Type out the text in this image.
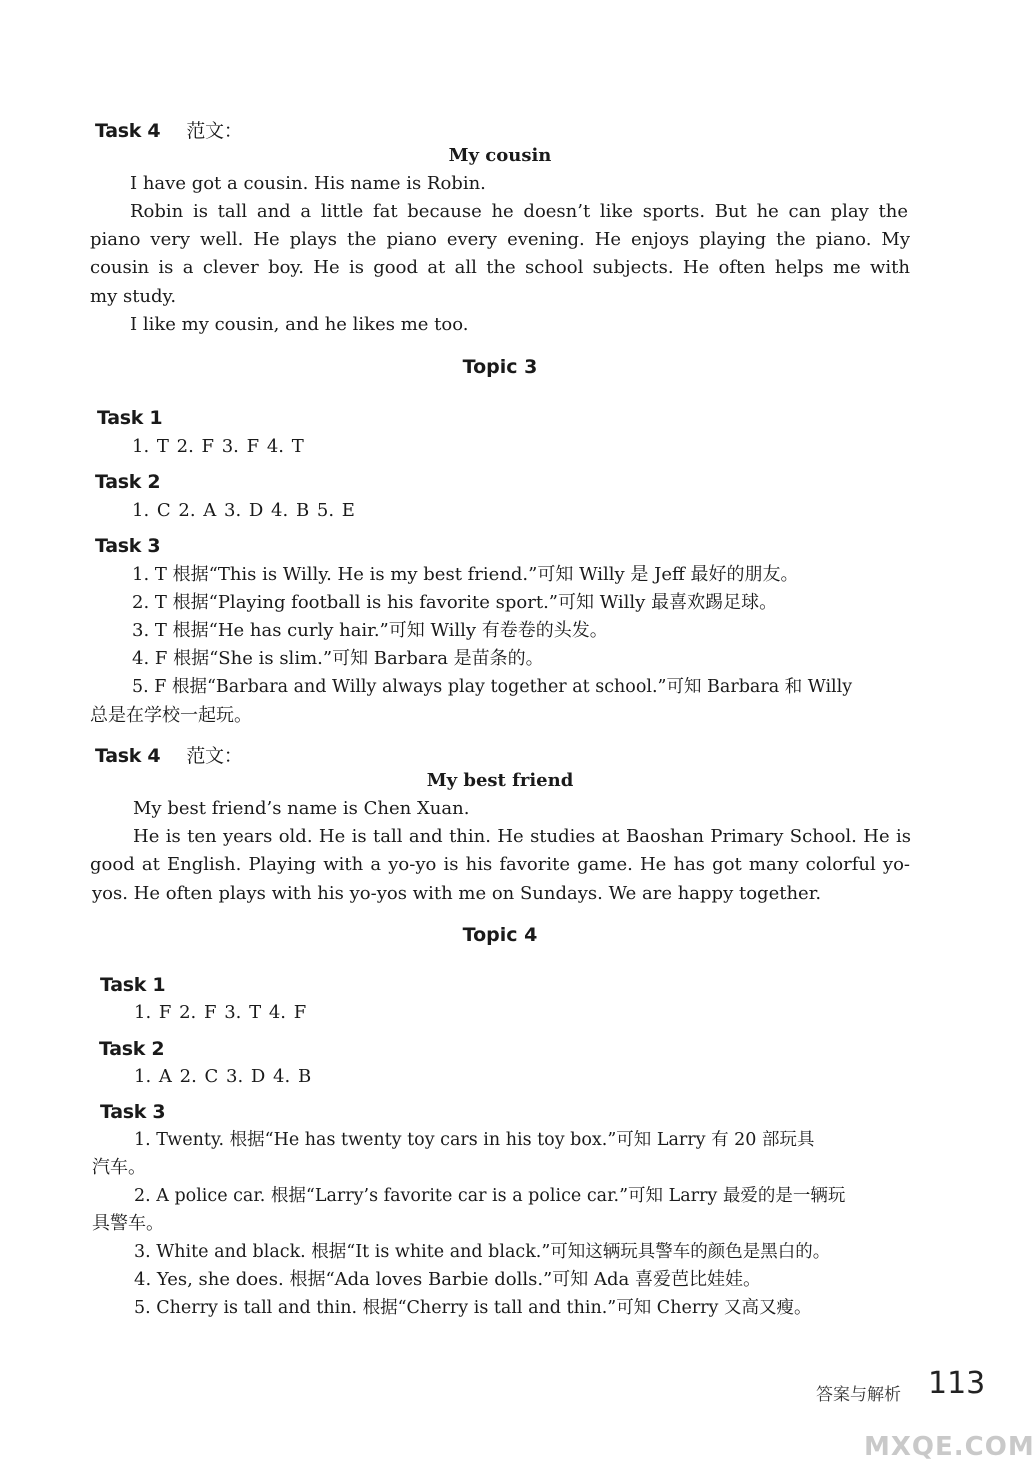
Task 4 范文：
My cousin
I have got a cousin. His name is Robin.
Robin is tall and a little fat because he doesn’t like sports. But he can play the
piano very well. He plays the piano every evening. He enjoys playing the piano. My
cousin is a clever boy. He is good at all the school subjects. He often helps me with
my study.
I like my cousin, and he likes me too.
Topic 3
Task 1
1. T 2. F 3. F 4. T
Task 2
1. C 2. A 3. D 4. B 5. E
Task 3
1. T 根据“This is Willy. He is my best friend.”可知 Willy 是 Jeff 最好的朋友。
2. T 根据“Playing football is his favorite sport.”可知 Willy 最喜欢踢足球。
3. T 根据“He has curly hair.”可知 Willy 有卷卷的头发。
4. F 根据“She is slim.”可知 Barbara 是苗条的。
5. F 根据“Barbara and Willy always play together at school.”可知 Barbara 和 Willy
总是在学校一起玩。
Task 4 范文：
My best friend
My best friend’s name is Chen Xuan.
He is ten years old. He is tall and thin. He studies at Baoshan Primary School. He is
good at English. Playing with a yo-yo is his favorite game. He has got many colorful yo-
yos. He often plays with his yo-yos with me on Sundays. We are happy together.
Topic 4
Task 1
1. F 2. F 3. T 4. F
Task 2
1. A 2. C 3. D 4. B
Task 3
1. Twenty. 根据“He has twenty toy cars in his toy box.”可知 Larry 有 20 部玩具
汽车。
2. A police car. 根据“Larry’s favorite car is a police car.”可知 Larry 最爱的是一辆玩
具警车。
3. White and black. 根据“It is white and black.”可知这辆玩具警车的颜色是黑白的。
4. Yes, she does. 根据“Ada loves Barbie dolls.”可知 Ada 喜爱芭比娃娃。
5. Cherry is tall and thin. 根据“Cherry is tall and thin.”可知 Cherry 又高又瘦。
答案与解析 113
MXQE.COM
